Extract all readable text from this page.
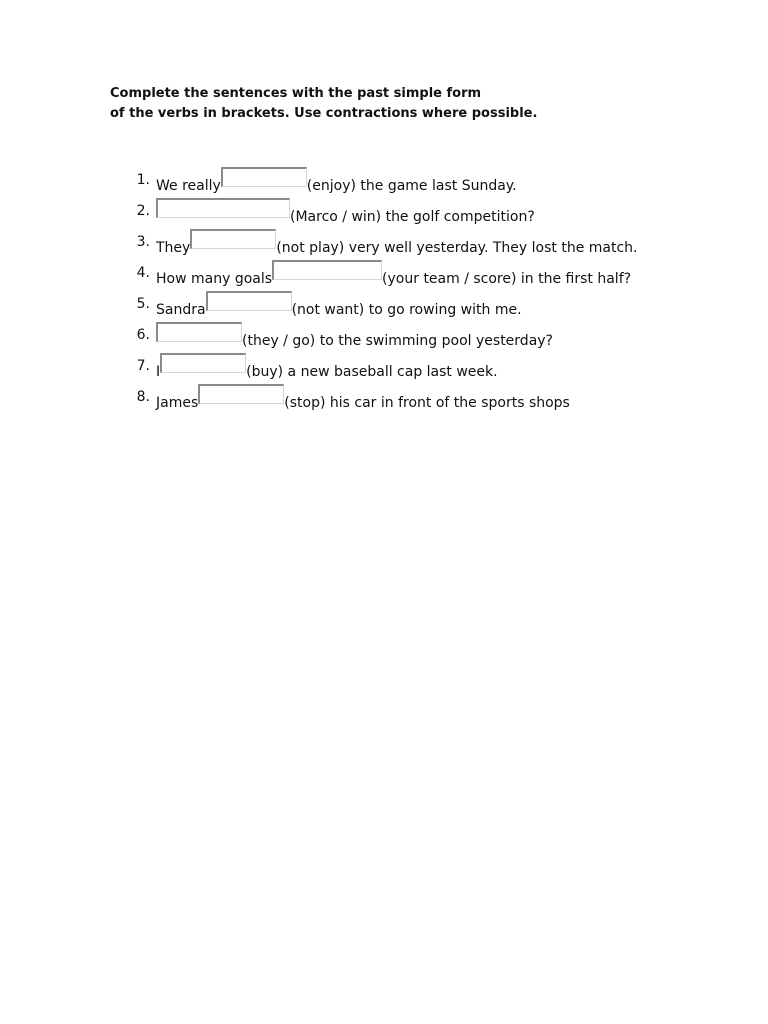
Complete the sentences with the past simple form
of the verbs in brackets. Use contractions where possible.
1. We really	(enjoy) the game last Sunday.
2.	(Marco / win) the golf competition?
3. They	(not play) very well yesterday. They lost the match.
4. How many goals	(your team / score) in the first half?
5. Sandra	(not want) to go rowing with me.
6.	(they / go) to the swimming pool yesterday?
7. I	(buy) a new baseball cap last week.
8. James	(stop) his car in front of the sports shops
